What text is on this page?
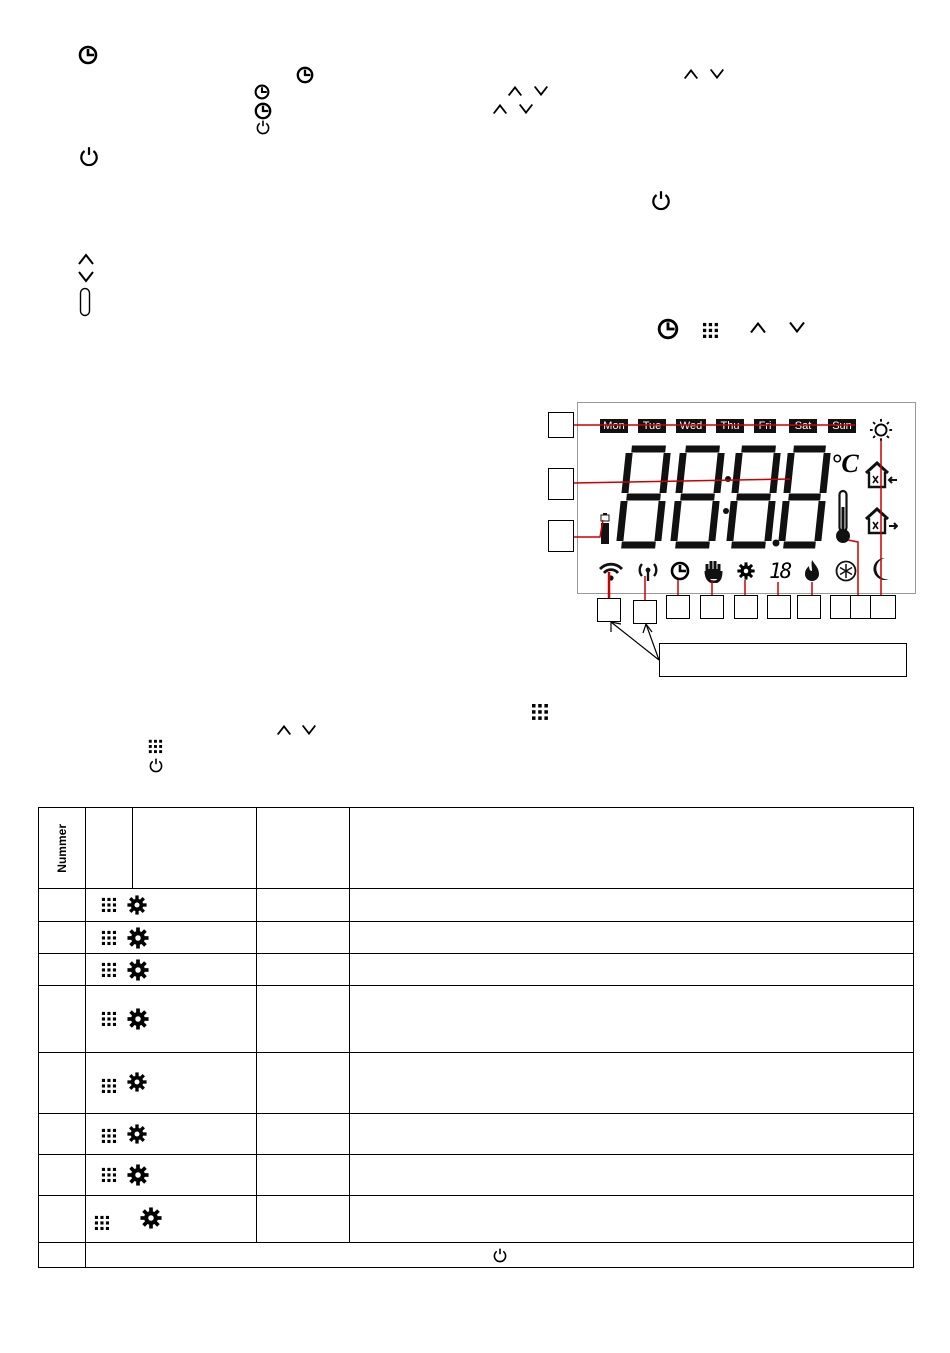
Mon	Tue	Wed	Thu	Fri	Sat	Sun
°C
18
Nummer				
